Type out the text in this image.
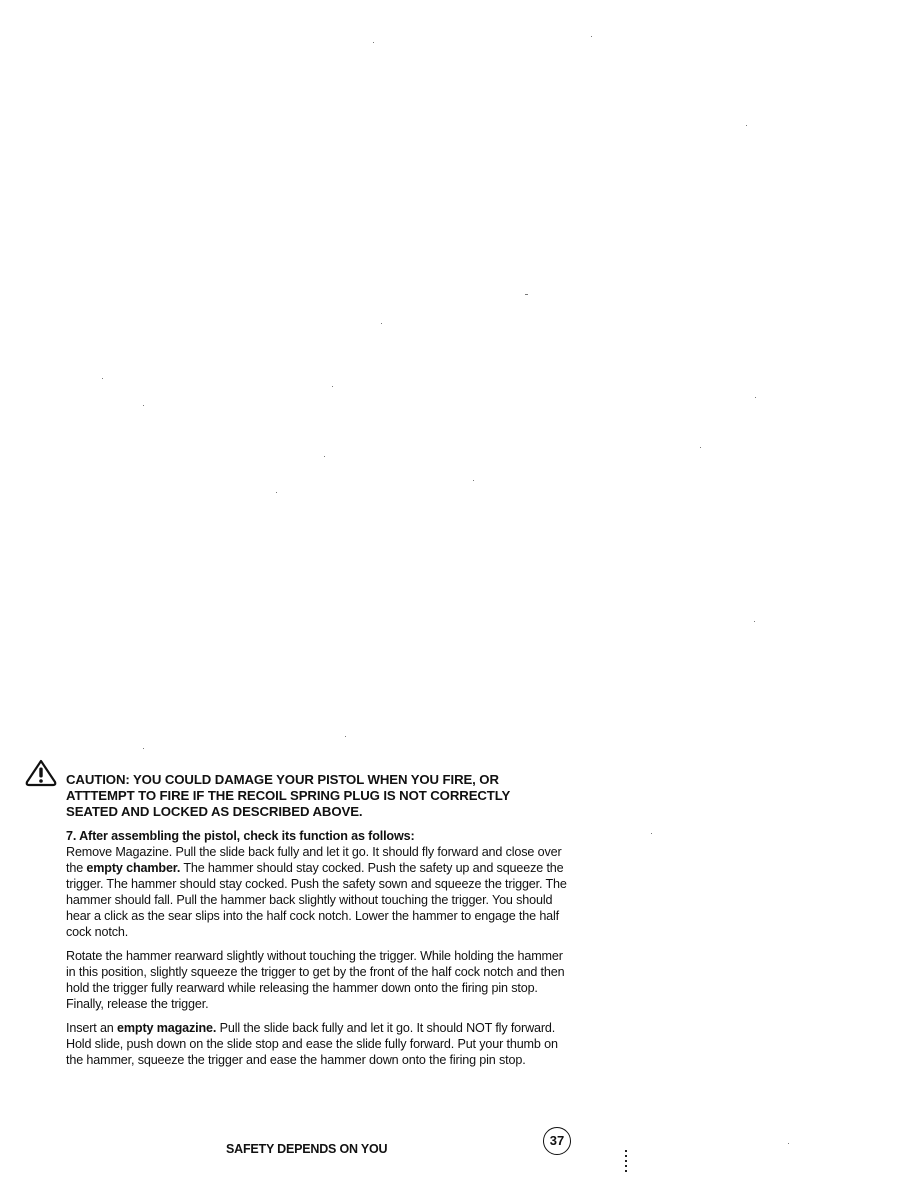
CAUTION: YOU COULD DAMAGE YOUR PISTOL WHEN YOU FIRE, OR
ATTTEMPT TO FIRE IF THE RECOIL SPRING PLUG IS NOT CORRECTLY
SEATED AND LOCKED AS DESCRIBED ABOVE.
7. After assembling the pistol, check its function as follows:

Remove Magazine. Pull the slide back fully and let it go. It should fly forward and close over the empty chamber. The hammer should stay cocked. Push the safety up and squeeze the trigger. The hammer should stay cocked. Push the safety sown and squeeze the trigger. The hammer should fall. Pull the hammer back slightly without touching the trigger. You should hear a click as the sear slips into the half cock notch. Lower the hammer to engage the half cock notch.

Rotate the hammer rearward slightly without touching the trigger. While holding the hammer in this position, slightly squeeze the trigger to get by the front of the half cock notch and then hold the trigger fully rearward while releasing the hammer down onto the firing pin stop. Finally, release the trigger.

Insert an empty magazine. Pull the slide back fully and let it go. It should NOT fly forward. Hold slide, push down on the slide stop and ease the slide fully forward. Put your thumb on the hammer, squeeze the trigger and ease the hammer down onto the firing pin stop.

SAFETY DEPENDS ON YOU
37
